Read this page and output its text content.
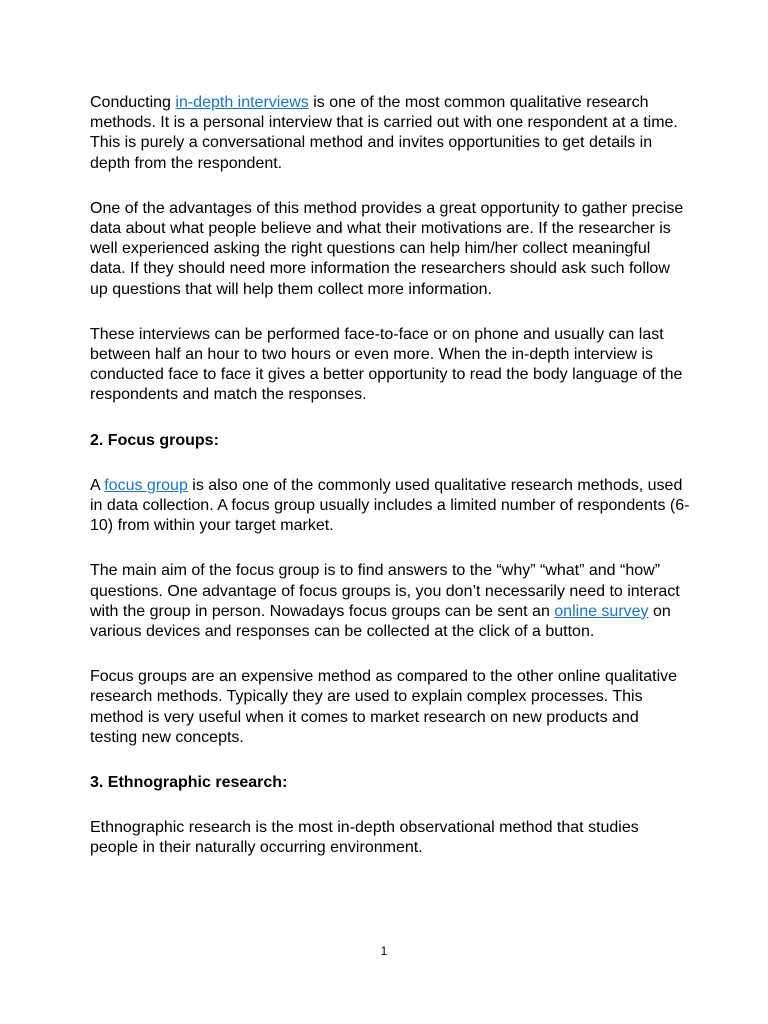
Conducting in-depth interviews is one of the most common qualitative research methods. It is a personal interview that is carried out with one respondent at a time. This is purely a conversational method and invites opportunities to get details in depth from the respondent.

One of the advantages of this method provides a great opportunity to gather precise data about what people believe and what their motivations are. If the researcher is well experienced asking the right questions can help him/her collect meaningful data. If they should need more information the researchers should ask such follow up questions that will help them collect more information.

These interviews can be performed face-to-face or on phone and usually can last between half an hour to two hours or even more. When the in-depth interview is conducted face to face it gives a better opportunity to read the body language of the respondents and match the responses.

2. Focus groups:

A focus group is also one of the commonly used qualitative research methods, used in data collection. A focus group usually includes a limited number of respondents (6-10) from within your target market.

The main aim of the focus group is to find answers to the “why” “what” and “how” questions. One advantage of focus groups is, you don’t necessarily need to interact with the group in person. Nowadays focus groups can be sent an online survey on various devices and responses can be collected at the click of a button.

Focus groups are an expensive method as compared to the other online qualitative research methods. Typically they are used to explain complex processes. This method is very useful when it comes to market research on new products and testing new concepts.

3. Ethnographic research:

Ethnographic research is the most in-depth observational method that studies people in their naturally occurring environment.

1
